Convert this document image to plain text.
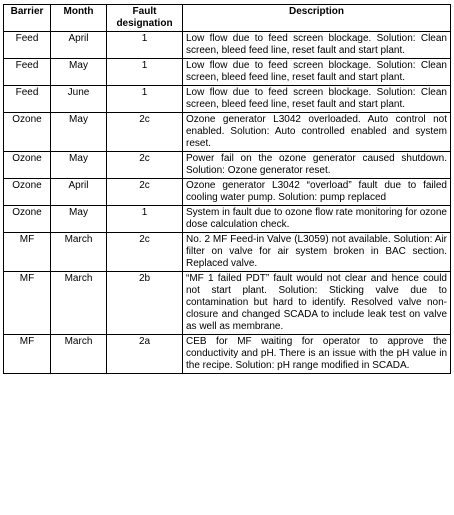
Barrier	Month	Fault designation	Description
Feed	April	1	Low flow due to feed screen blockage. Solution: Clean screen, bleed feed line, reset fault and start plant.
Feed	May	1	Low flow due to feed screen blockage. Solution: Clean screen, bleed feed line, reset fault and start plant.
Feed	June	1	Low flow due to feed screen blockage. Solution: Clean screen, bleed feed line, reset fault and start plant.
Ozone	May	2c	Ozone generator L3042 overloaded. Auto control not enabled. Solution: Auto controlled enabled and system reset.
Ozone	May	2c	Power fail on the ozone generator caused shutdown. Solution: Ozone generator reset.
Ozone	April	2c	Ozone generator L3042 “overload” fault due to failed cooling water pump. Solution: pump replaced
Ozone	May	1	System in fault due to ozone flow rate monitoring for ozone dose calculation check.
MF	March	2c	No. 2 MF Feed-in Valve (L3059) not available. Solution: Air filter on valve for air system broken in BAC section. Replaced valve.
MF	March	2b	“MF 1 failed PDT” fault would not clear and hence could not start plant. Solution: Sticking valve due to contamination but hard to identify. Resolved valve non-closure and changed SCADA to include leak test on valve as well as membrane.
MF	March	2a	CEB for MF waiting for operator to approve the conductivity and pH. There is an issue with the pH value in the recipe. Solution: pH range modified in SCADA.
